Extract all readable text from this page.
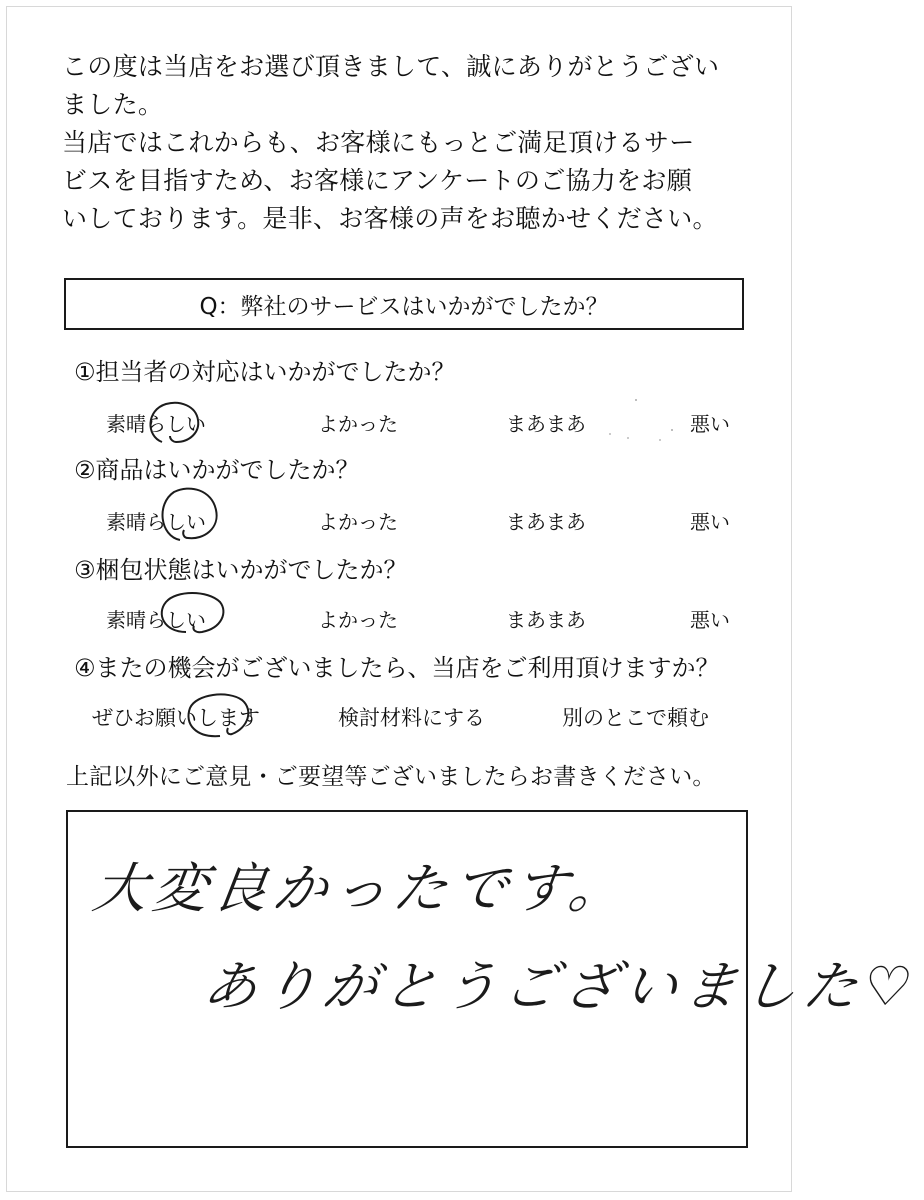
この度は当店をお選び頂きまして、誠にありがとうござい

ました。

当店ではこれからも、お客様にもっとご満足頂けるサー

ビスを目指すため、お客様にアンケートのご協力をお願

いしております。是非、お客様の声をお聴かせください。

Q：弊社のサービスはいかがでしたか？
①担当者の対応はいかがでしたか？
素晴らしい	よかった	まあまあ	悪い
②商品はいかがでしたか？
素晴らしい	よかった	まあまあ	悪い
③梱包状態はいかがでしたか？
素晴らしい	よかった	まあまあ	悪い
④またの機会がございましたら、当店をご利用頂けますか？
ぜひお願いします	検討材料にする	別のとこで頼む
上記以外にご意見・ご要望等ございましたらお書きください。
大変良かったです。
ありがとうございました♡
